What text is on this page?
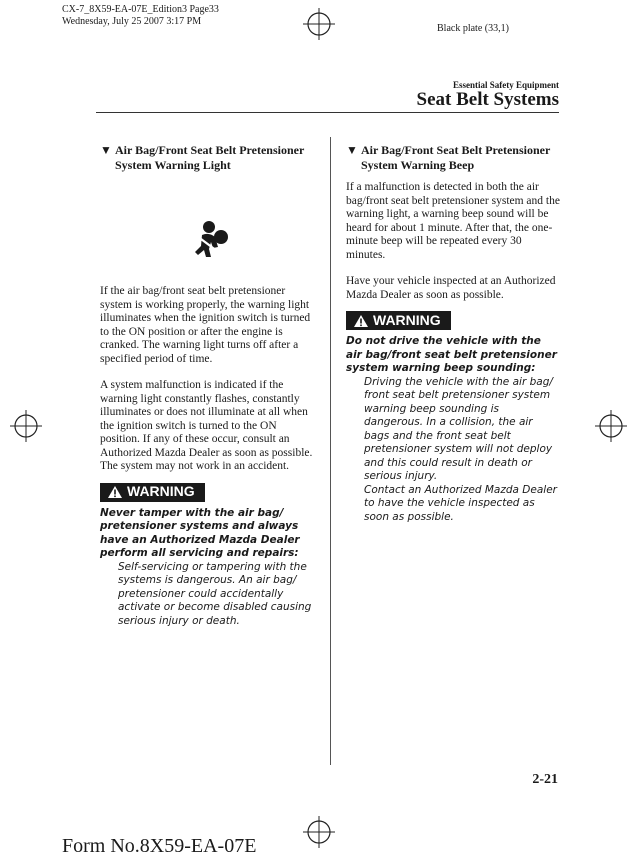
CX-7_8X59-EA-07E_Edition3 Page33
Wednesday, July 25 2007 3:17 PM
Black plate (33,1)
Essential Safety Equipment
Seat Belt Systems
▼ Air Bag/Front Seat Belt Pretensioner System Warning Light

If the air bag/front seat belt pretensioner system is working properly, the warning light illuminates when the ignition switch is turned to the ON position or after the engine is cranked. The warning light turns off after a specified period of time.

A system malfunction is indicated if the warning light constantly flashes, constantly illuminates or does not illuminate at all when the ignition switch is turned to the ON position. If any of these occur, consult an Authorized Mazda Dealer as soon as possible. The system may not work in an accident.

WARNING

Never tamper with the air bag/ pretensioner systems and always have an Authorized Mazda Dealer perform all servicing and repairs:

Self-servicing or tampering with the systems is dangerous. An air bag/ pretensioner could accidentally activate or become disabled causing serious injury or death.

▼ Air Bag/Front Seat Belt Pretensioner System Warning Beep

If a malfunction is detected in both the air bag/front seat belt pretensioner system and the warning light, a warning beep sound will be heard for about 1 minute. After that, the one-minute beep will be repeated every 30 minutes.

Have your vehicle inspected at an Authorized Mazda Dealer as soon as possible.

WARNING

Do not drive the vehicle with the air bag/front seat belt pretensioner system warning beep sounding:

Driving the vehicle with the air bag/ front seat belt pretensioner system warning beep sounding is dangerous. In a collision, the air bags and the front seat belt pretensioner system will not deploy and this could result in death or serious injury.

Contact an Authorized Mazda Dealer to have the vehicle inspected as soon as possible.

2-21
Form No.8X59-EA-07E
